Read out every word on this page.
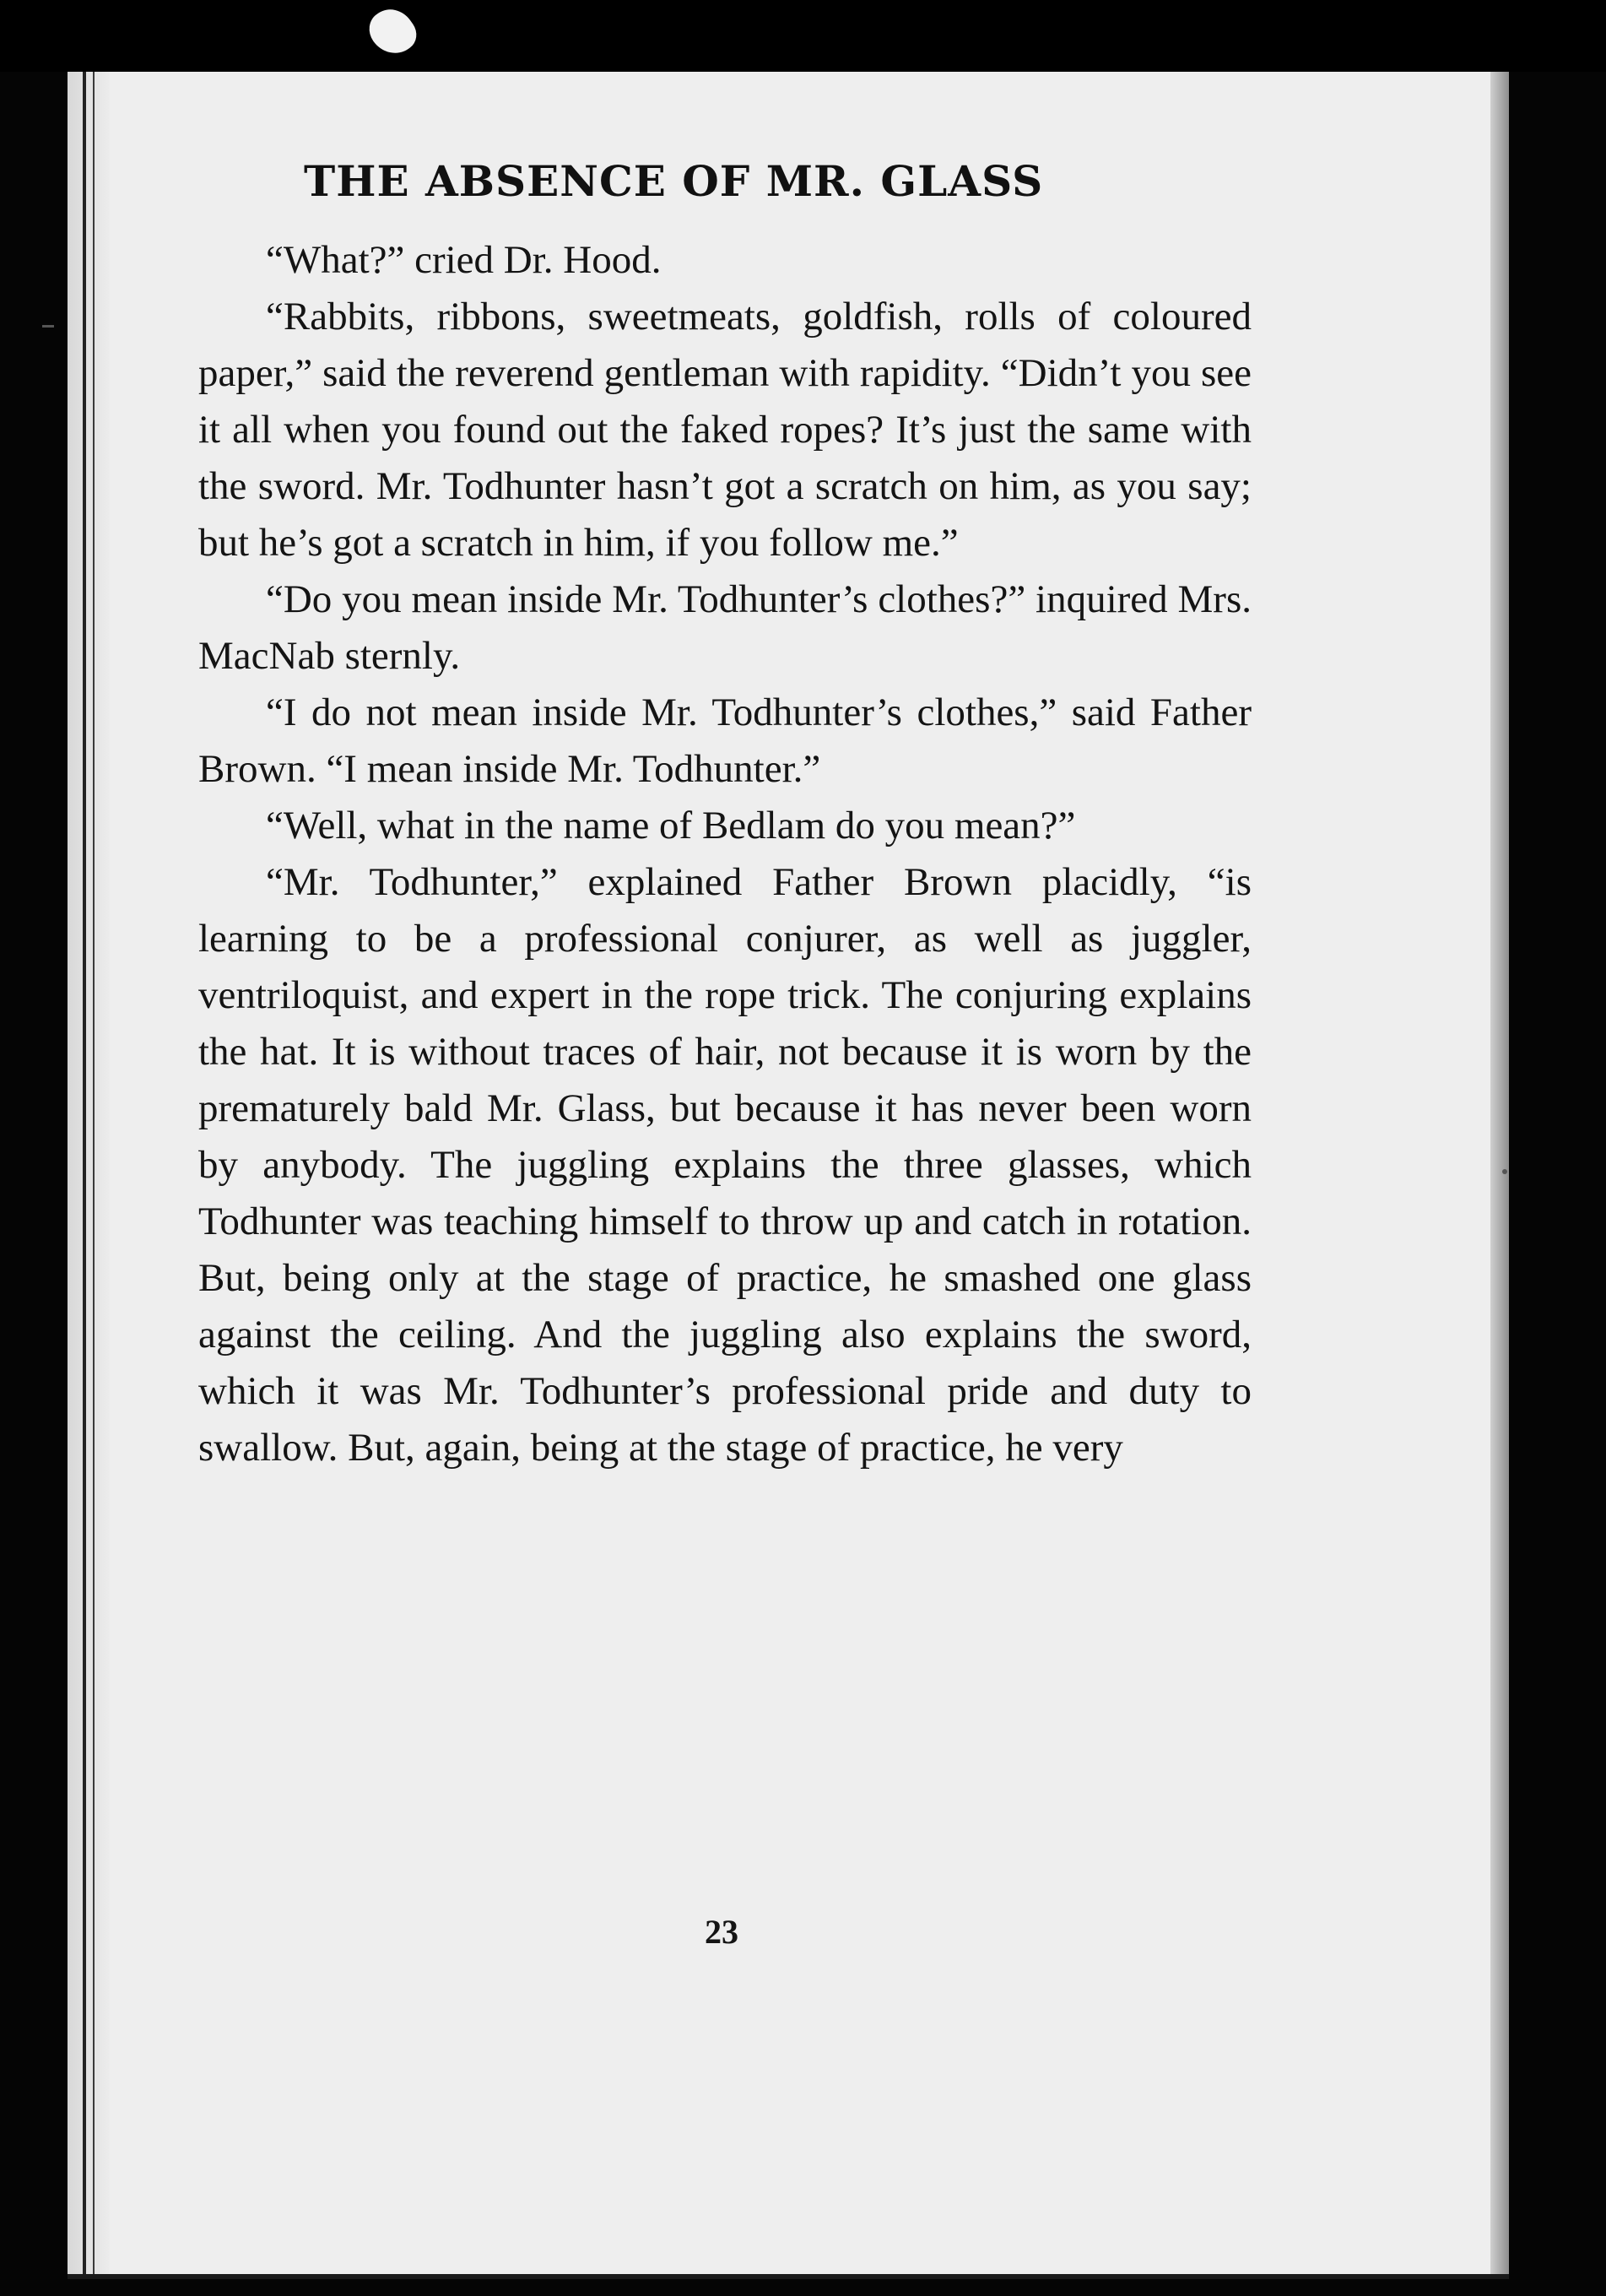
THE ABSENCE OF MR. GLASS

“What?” cried Dr. Hood.

“Rabbits, ribbons, sweetmeats, goldfish, rolls of coloured paper,” said the reverend gentleman with rapidity. “Didn’t you see it all when you found out the faked ropes? It’s just the same with the sword. Mr. Todhunter hasn’t got a scratch on him, as you say; but he’s got a scratch in him, if you follow me.”

“Do you mean inside Mr. Todhunter’s clothes?” inquired Mrs. MacNab sternly.

“I do not mean inside Mr. Todhunter’s clothes,” said Father Brown. “I mean inside Mr. Todhunter.”

“Well, what in the name of Bedlam do you mean?”

“Mr. Todhunter,” explained Father Brown placidly, “is learning to be a professional conjurer, as well as juggler, ventriloquist, and expert in the rope trick. The conjuring explains the hat. It is without traces of hair, not because it is worn by the prematurely bald Mr. Glass, but because it has never been worn by anybody. The juggling explains the three glasses, which Todhunter was teaching himself to throw up and catch in rotation. But, being only at the stage of practice, he smashed one glass against the ceiling. And the juggling also explains the sword, which it was Mr. Todhunter’s professional pride and duty to swallow. But, again, being at the stage of practice, he very

23
